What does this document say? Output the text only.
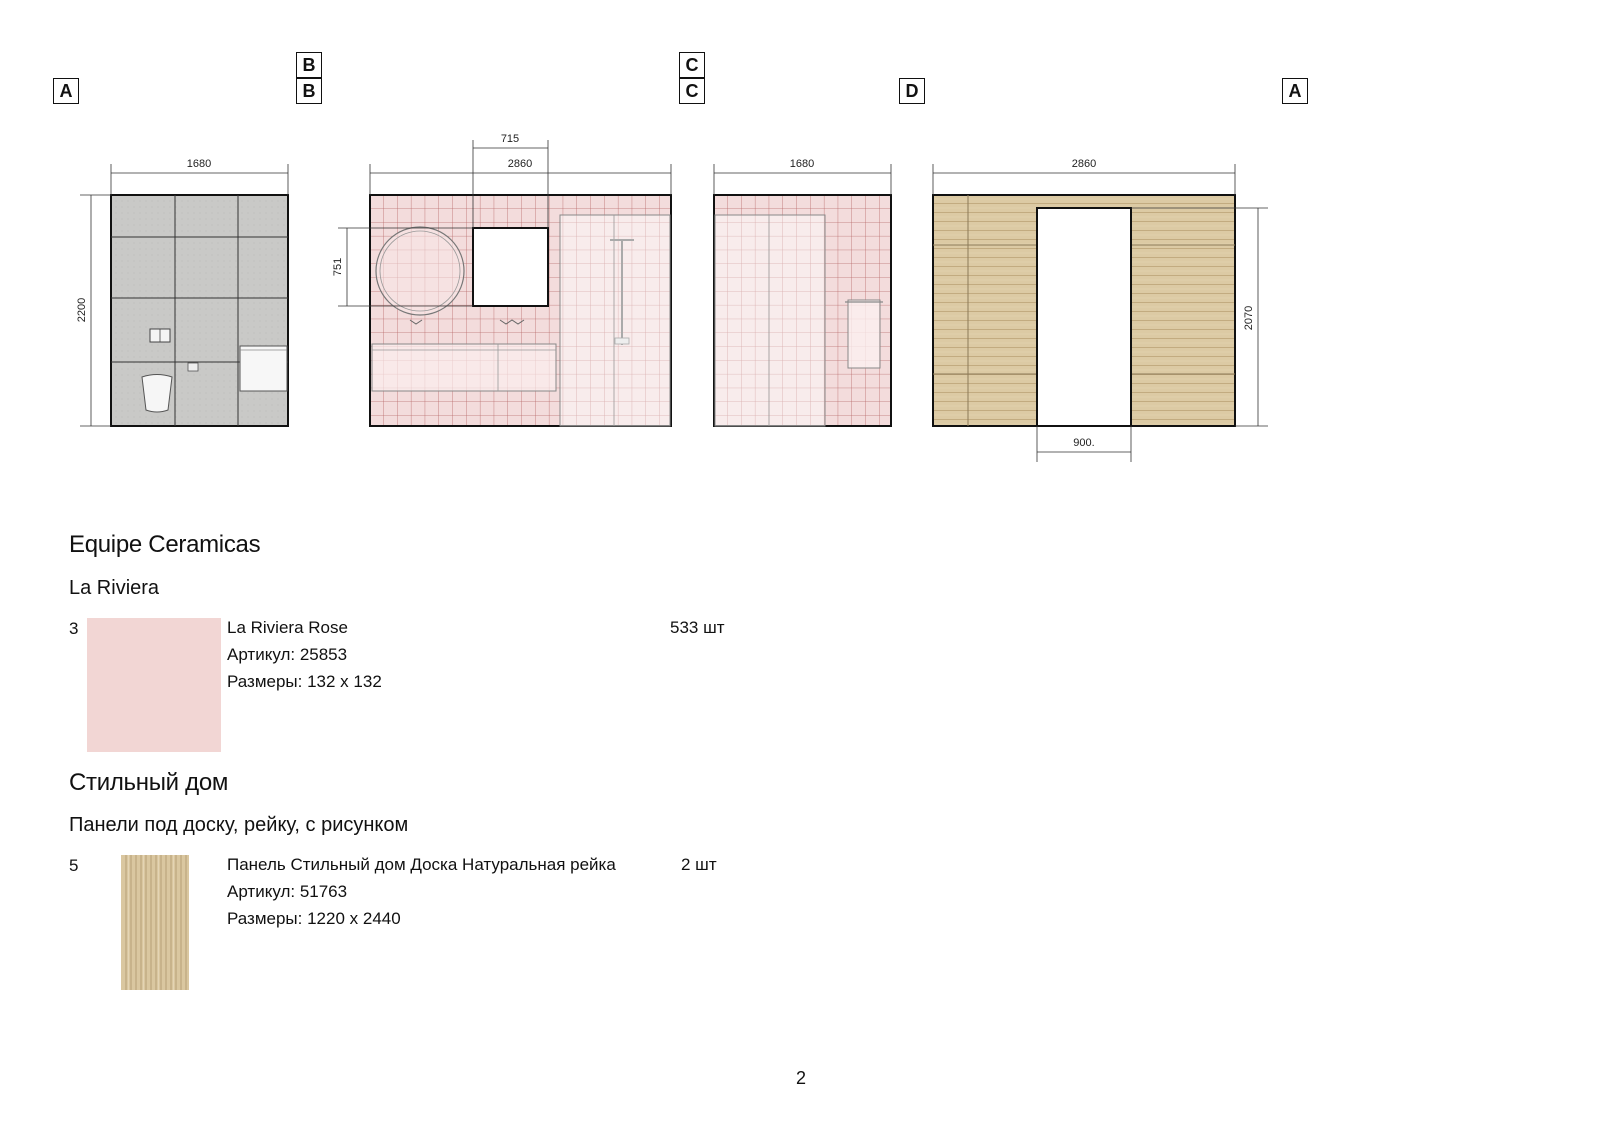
A
B
B
C
C	D	A
1680
2200
2860
715
751
1680	2860
2070
900.
Equipe Ceramicas
La Riviera
3	La Riviera Rose
Артикул: 25853
Размеры: 132 х 132
533 шт
Стильный дом
Панели под доску, рейку, с рисунком
5	Панель Стильный дом Доска Натуральная рейка
Артикул: 51763
Размеры: 1220 х 2440
2 шт
2
